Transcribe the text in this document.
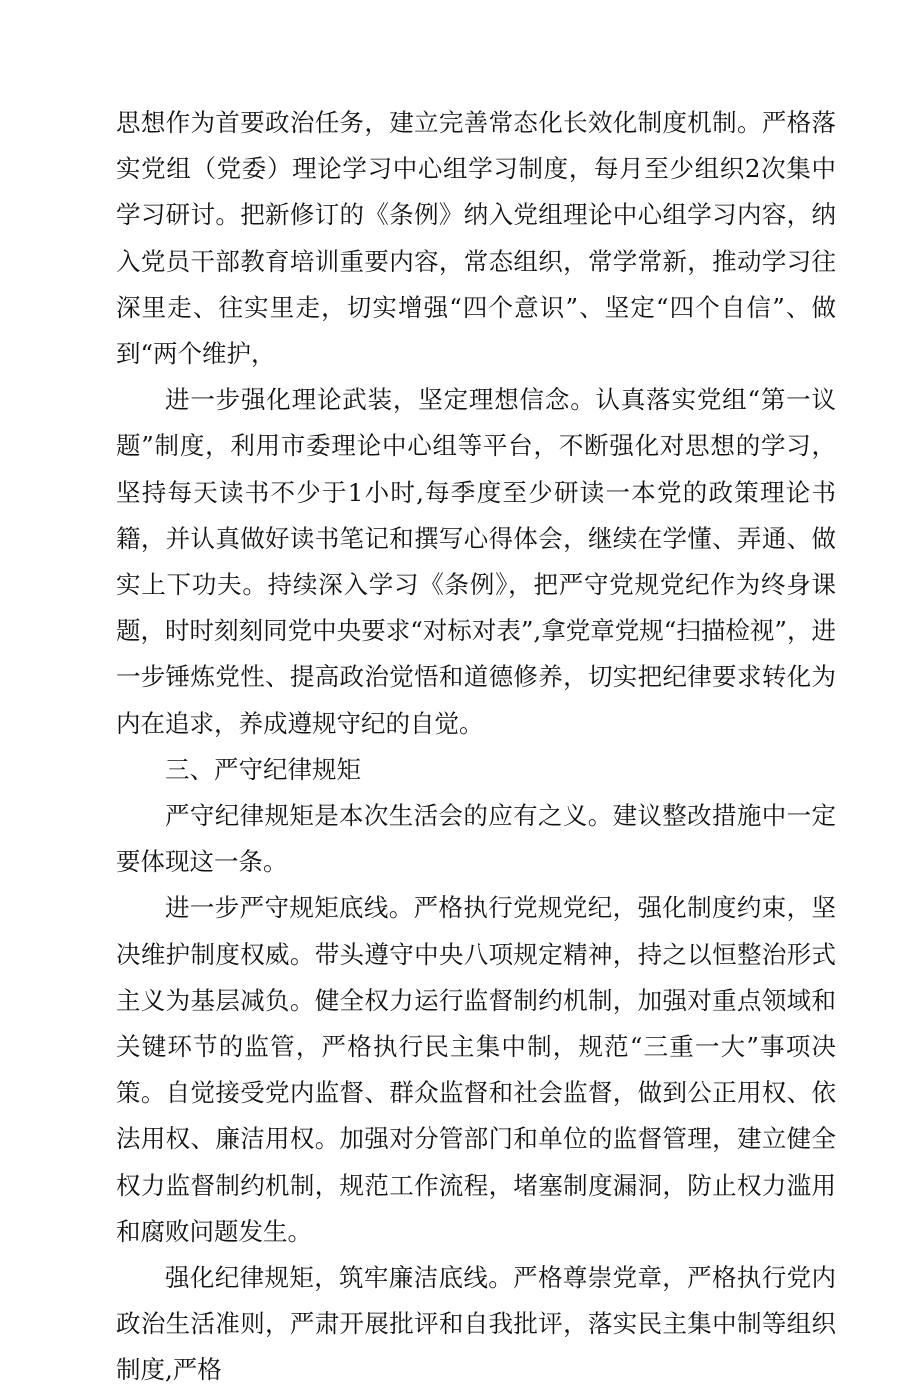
思想作为首要政治任务，建立完善常态化长效化制度机制。严格落实党组（党委）理论学习中心组学习制度，每月至少组织2次集中学习研讨。把新修订的《条例》纳入党组理论中心组学习内容，纳入党员干部教育培训重要内容，常态组织，常学常新，推动学习往深里走、往实里走，切实增强“四个意识”、坚定“四个自信”、做到“两个维护，

进一步强化理论武装，坚定理想信念。认真落实党组“第一议题”制度，利用市委理论中心组等平台，不断强化对思想的学习，坚持每天读书不少于1小时,每季度至少研读一本党的政策理论书籍，并认真做好读书笔记和撰写心得体会，继续在学懂、弄通、做实上下功夫。持续深入学习《条例》，把严守党规党纪作为终身课题，时时刻刻同党中央要求“对标对表”,拿党章党规“扫描检视”，进一步锤炼党性、提高政治觉悟和道德修养，切实把纪律要求转化为内在追求，养成遵规守纪的自觉。

三、严守纪律规矩

严守纪律规矩是本次生活会的应有之义。建议整改措施中一定要体现这一条。

进一步严守规矩底线。严格执行党规党纪，强化制度约束，坚决维护制度权威。带头遵守中央八项规定精神，持之以恒整治形式主义为基层减负。健全权力运行监督制约机制，加强对重点领域和关键环节的监管，严格执行民主集中制，规范“三重一大”事项决策。自觉接受党内监督、群众监督和社会监督，做到公正用权、依法用权、廉洁用权。加强对分管部门和单位的监督管理，建立健全权力监督制约机制，规范工作流程，堵塞制度漏洞，防止权力滥用和腐败问题发生。

强化纪律规矩，筑牢廉洁底线。严格尊崇党章，严格执行党内政治生活准则，严肃开展批评和自我批评，落实民主集中制等组织制度,严格
